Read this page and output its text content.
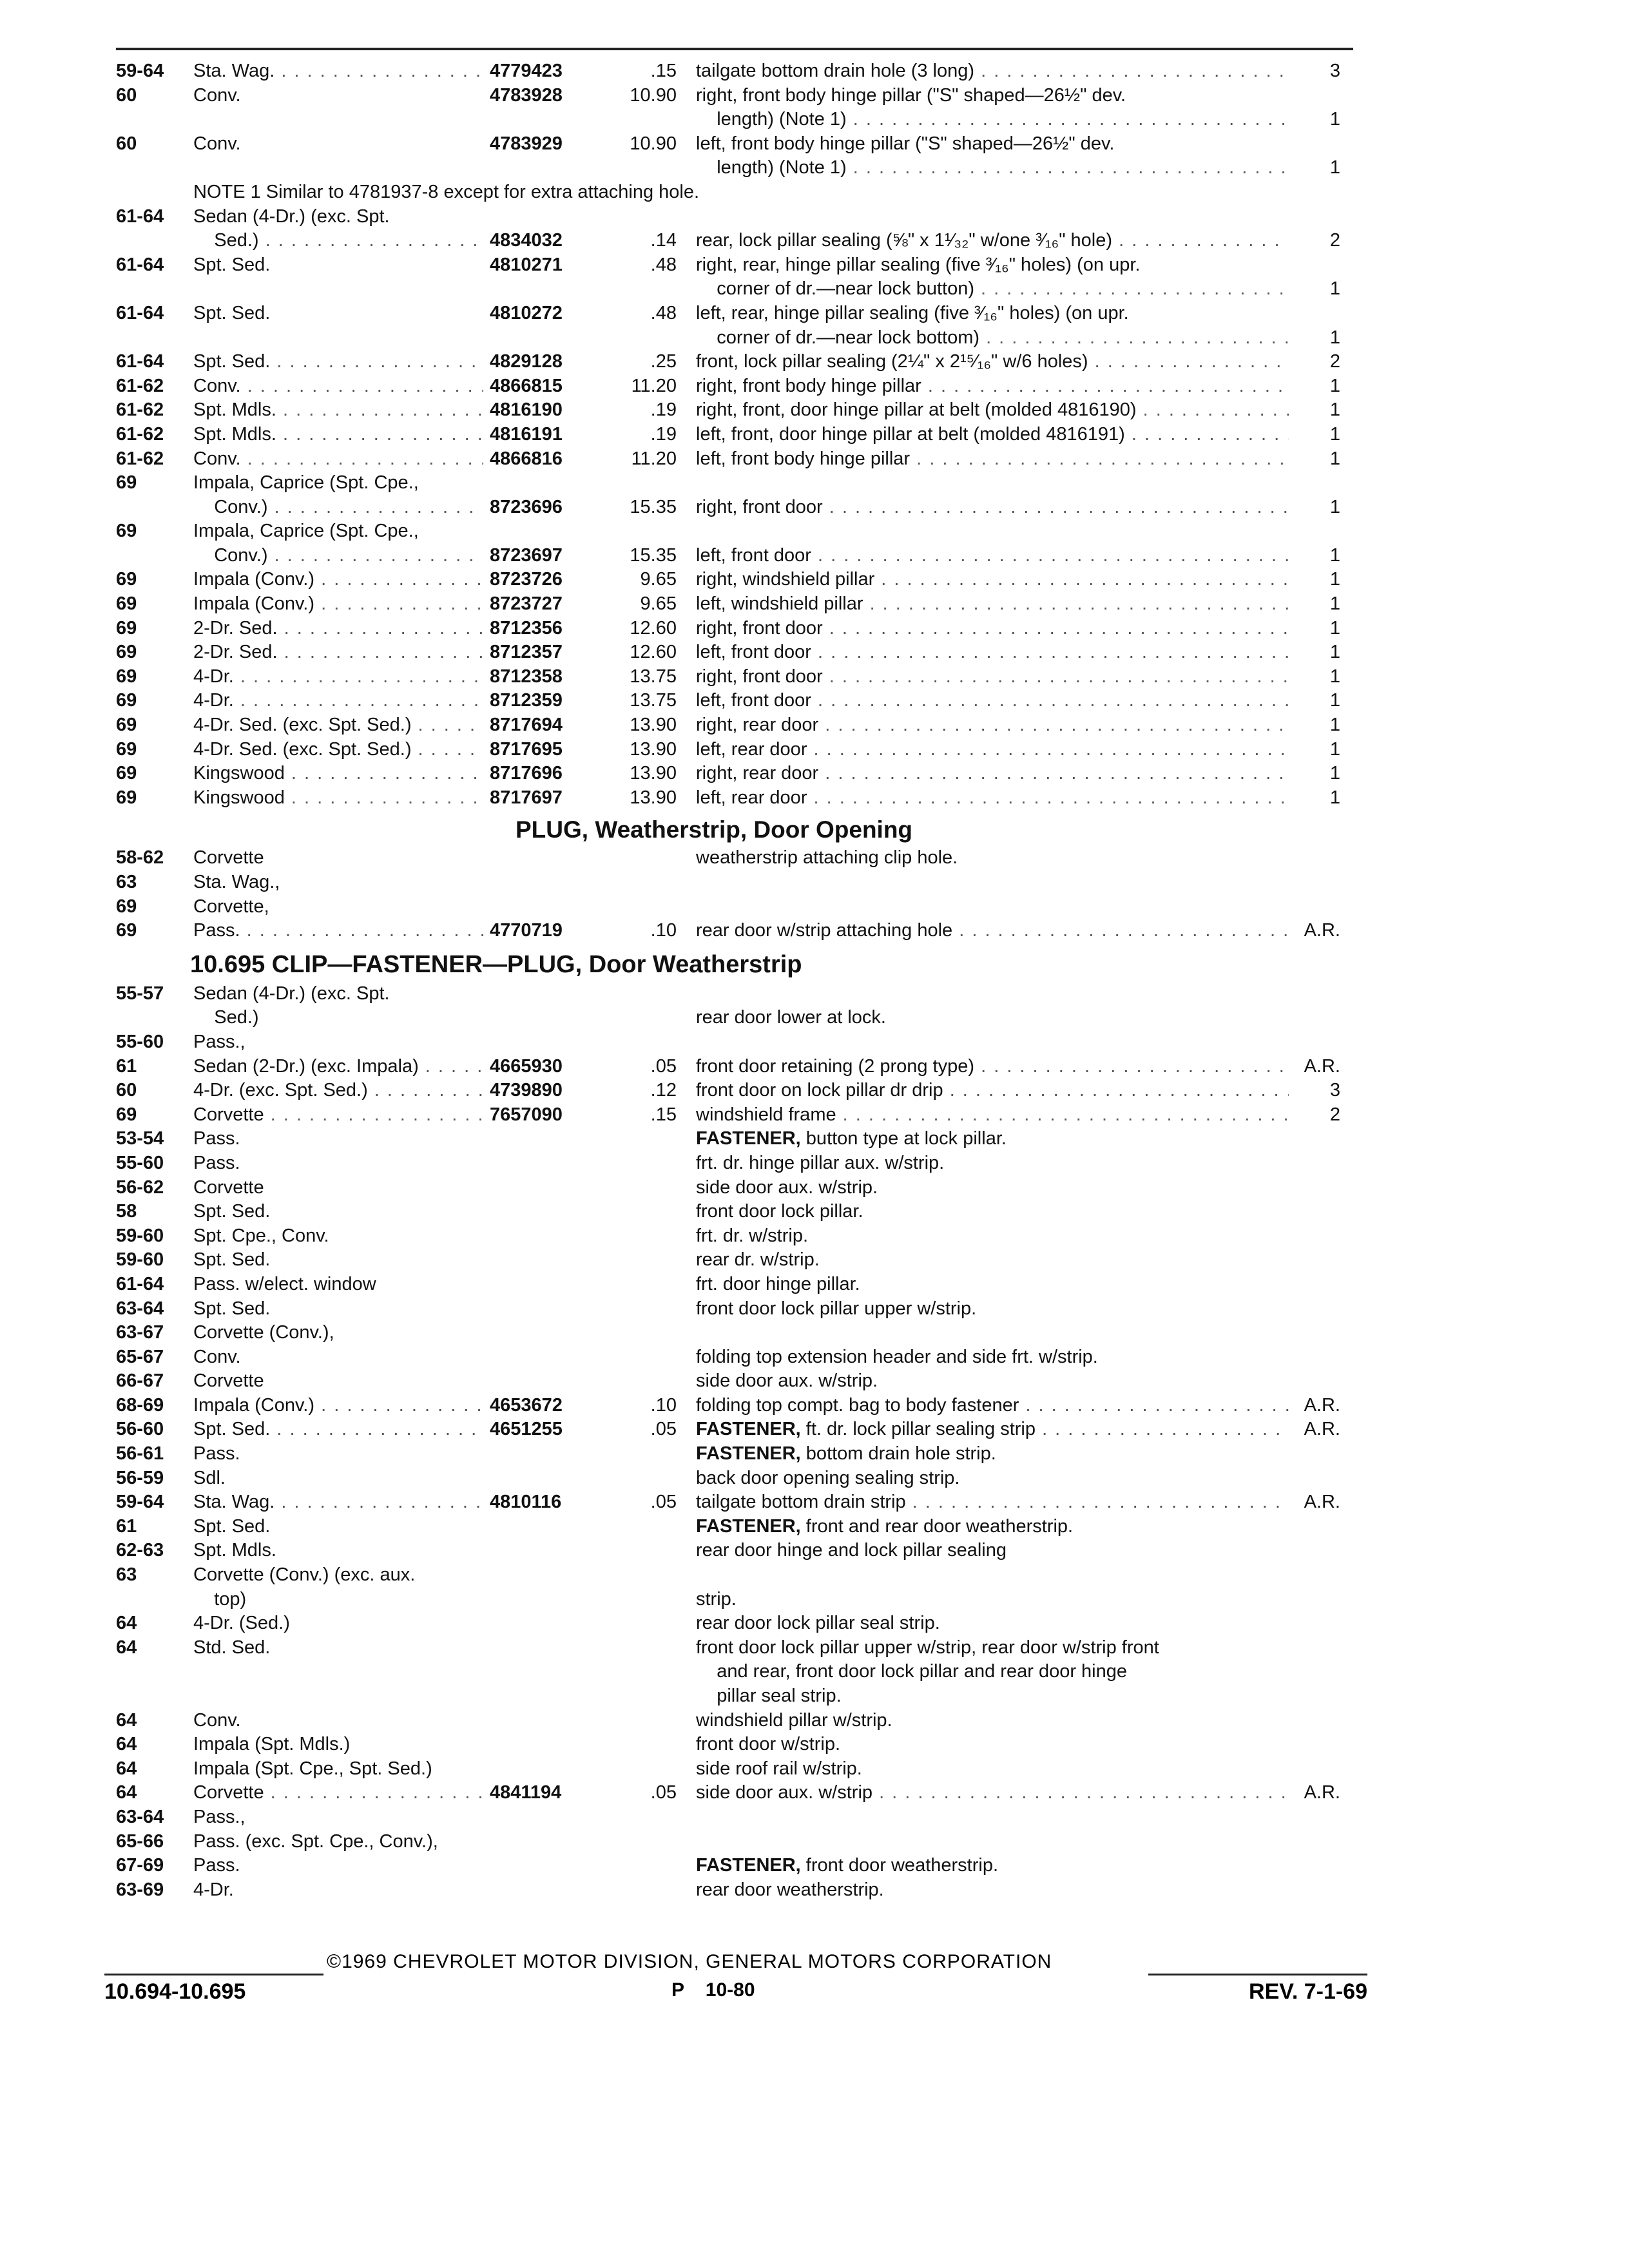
59-64	Sta. Wag. . . .	4779423	.15	tailgate bottom drain hole (3 long) . . .	3
60	Conv.	4783928	10.90	right, front body hinge pillar ("S" shaped—26½" dev.
length) (Note 1) . . .	1
60	Conv.	4783929	10.90	left, front body hinge pillar ("S" shaped—26½" dev.
length) (Note 1) . . .	1
NOTE 1 Similar to 4781937-8 except for extra attaching hole.
61-64	Sedan (4-Dr.) (exc. Spt.
Sed.) . . .	4834032	.14	rear, lock pillar sealing (⅝" x 1¹⁄₃₂" w/one ³⁄₁₆" hole) . . .	2
61-64	Spt. Sed.	4810271	.48	right, rear, hinge pillar sealing (five ³⁄₁₆" holes) (on upr.
corner of dr.—near lock button) . . .	1
61-64	Spt. Sed.	4810272	.48	left, rear, hinge pillar sealing (five ³⁄₁₆" holes) (on upr.
corner of dr.—near lock bottom) . . .	1
61-64	Spt. Sed. . . .	4829128	.25	front, lock pillar sealing (2¼" x 2¹⁵⁄₁₆" w/6 holes) . . .	2
61-62	Conv. . . .	4866815	11.20	right, front body hinge pillar . . .	1
61-62	Spt. Mdls. . . .	4816190	.19	right, front, door hinge pillar at belt (molded 4816190) . . .	1
61-62	Spt. Mdls. . . .	4816191	.19	left, front, door hinge pillar at belt (molded 4816191) . . .	1
61-62	Conv. . . .	4866816	11.20	left, front body hinge pillar . . .	1
69	Impala, Caprice (Spt. Cpe.,
Conv.) . . .	8723696	15.35	right, front door . . .	1
69	Impala, Caprice (Spt. Cpe.,
Conv.) . . .	8723697	15.35	left, front door . . .	1
69	Impala (Conv.) . . .	8723726	9.65	right, windshield pillar . . .	1
69	Impala (Conv.) . . .	8723727	9.65	left, windshield pillar . . .	1
69	2-Dr. Sed. . . .	8712356	12.60	right, front door . . .	1
69	2-Dr. Sed. . . .	8712357	12.60	left, front door . . .	1
69	4-Dr. . . .	8712358	13.75	right, front door . . .	1
69	4-Dr. . . .	8712359	13.75	left, front door . . .	1
69	4-Dr. Sed. (exc. Spt. Sed.) . . .	8717694	13.90	right, rear door . . .	1
69	4-Dr. Sed. (exc. Spt. Sed.) . . .	8717695	13.90	left, rear door . . .	1
69	Kingswood . . .	8717696	13.90	right, rear door . . .	1
69	Kingswood . . .	8717697	13.90	left, rear door . . .	1
PLUG, Weatherstrip, Door Opening
58-62	Corvette	weatherstrip attaching clip hole.
63	Sta. Wag.,
69	Corvette,
69	Pass. . . .	4770719	.10	rear door w/strip attaching hole . . .	A.R.
10.695 CLIP—FASTENER—PLUG, Door Weatherstrip
55-57	Sedan (4-Dr.) (exc. Spt.
Sed.)	rear door lower at lock.
55-60	Pass.,
61	Sedan (2-Dr.) (exc. Impala) . . .	4665930	.05	front door retaining (2 prong type) . . .	A.R.
60	4-Dr. (exc. Spt. Sed.) . . .	4739890	.12	front door on lock pillar dr drip . . .	3
69	Corvette . . .	7657090	.15	windshield frame . . .	2
53-54	Pass.	FASTENER, button type at lock pillar.
55-60	Pass.	frt. dr. hinge pillar aux. w/strip.
56-62	Corvette	side door aux. w/strip.
58	Spt. Sed.	front door lock pillar.
59-60	Spt. Cpe., Conv.	frt. dr. w/strip.
59-60	Spt. Sed.	rear dr. w/strip.
61-64	Pass. w/elect. window	frt. door hinge pillar.
63-64	Spt. Sed.	front door lock pillar upper w/strip.
63-67	Corvette (Conv.),
65-67	Conv.	folding top extension header and side frt. w/strip.
66-67	Corvette	side door aux. w/strip.
68-69	Impala (Conv.) . . .	4653672	.10	folding top compt. bag to body fastener . . .	A.R.
56-60	Spt. Sed. . . .	4651255	.05	FASTENER, ft. dr. lock pillar sealing strip . . .	A.R.
56-61	Pass.	FASTENER, bottom drain hole strip.
56-59	Sdl.	back door opening sealing strip.
59-64	Sta. Wag. . . .	4810116	.05	tailgate bottom drain strip . . .	A.R.
61	Spt. Sed.	FASTENER, front and rear door weatherstrip.
62-63	Spt. Mdls.	rear door hinge and lock pillar sealing
63	Corvette (Conv.) (exc. aux.
top)	strip.
64	4-Dr. (Sed.)	rear door lock pillar seal strip.
64	Std. Sed.	front door lock pillar upper w/strip, rear door w/strip front
and rear, front door lock pillar and rear door hinge
pillar seal strip.
64	Conv.	windshield pillar w/strip.
64	Impala (Spt. Mdls.)	front door w/strip.
64	Impala (Spt. Cpe., Spt. Sed.)	side roof rail w/strip.
64	Corvette . . .	4841194	.05	side door aux. w/strip . . .	A.R.
63-64	Pass.,
65-66	Pass. (exc. Spt. Cpe., Conv.),
67-69	Pass.	FASTENER, front door weatherstrip.
63-69	4-Dr.	rear door weatherstrip.
©1969 CHEVROLET MOTOR DIVISION, GENERAL MOTORS CORPORATION
10.694-10.695	P    10-80	REV. 7-1-69
